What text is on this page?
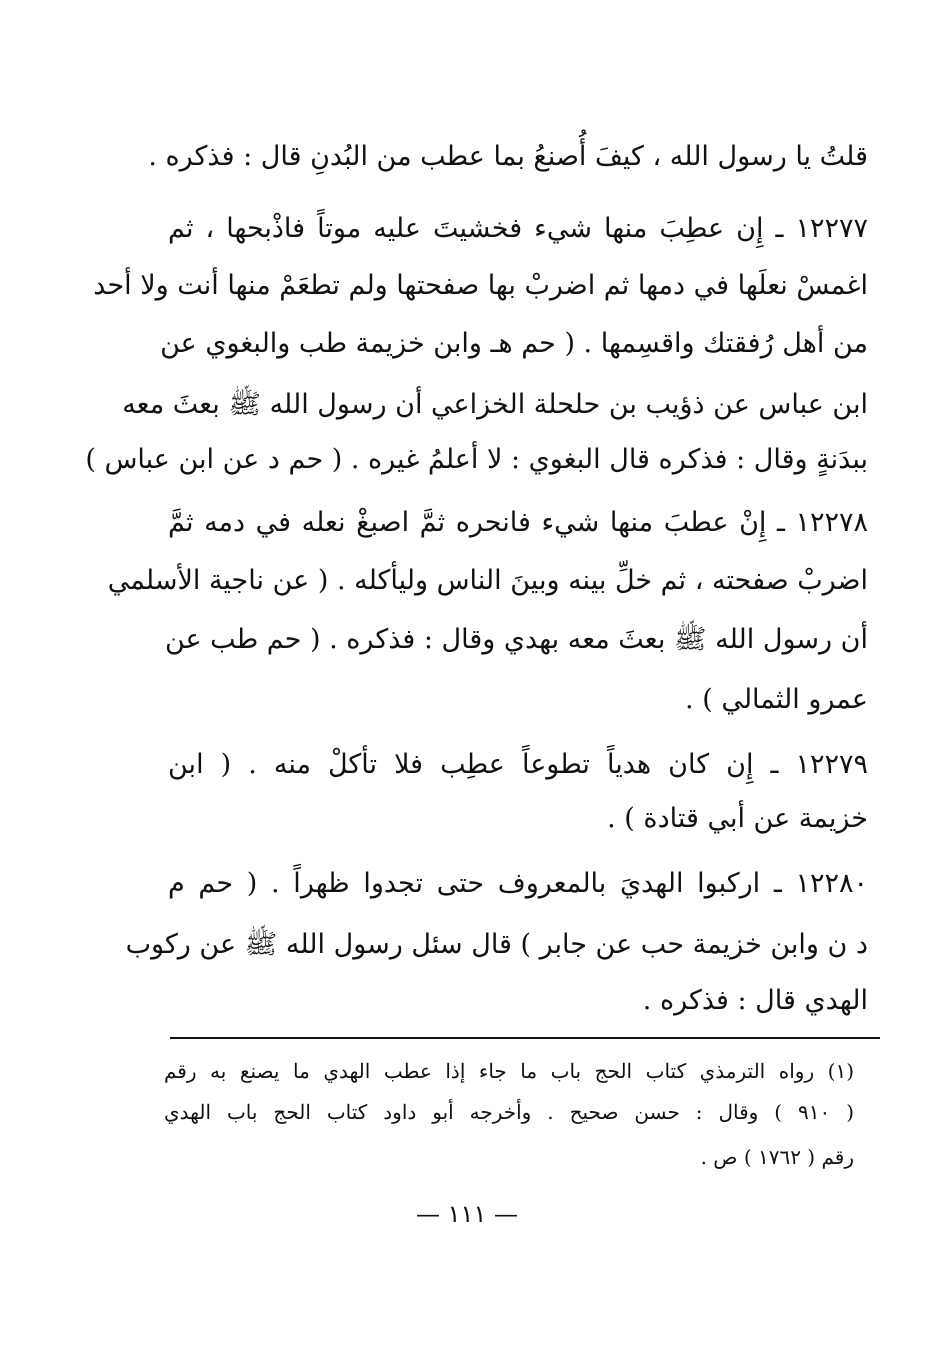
قلتُ يا رسول الله ، كيفَ أُصنعُ بما عطب من البُدنِ قال : فذكره .
١٢٢٧٧ ـ إِن عطِبَ منها شيء فخشيتَ عليه موتاً فاذْبحها ، ثم
اغمسْ نعلَها في دمها ثم اضربْ بها صفحتها ولم تطعَمْ منها أنت ولا أحد
من أهل رُفقتك واقسِمها . ( حم هـ وابن خزيمة طب والبغوي عن
ابن عباس عن ذؤيب بن حلحلة الخزاعي أن رسول الله ﷺ بعثَ معه
ببدَنةٍ وقال : فذكره قال البغوي : لا أعلمُ غيره . ( حم د عن ابن عباس )
١٢٢٧٨ ـ إِنْ عطبَ منها شيء فانحره ثمَّ اصبغْ نعله في دمه ثمَّ
اضربْ صفحته ، ثم خلِّ بينه وبينَ الناس وليأكله . ( عن ناجية الأسلمي
أن رسول الله ﷺ بعثَ معه بهدي وقال : فذكره . ( حم طب عن
عمرو الثمالي ) .
١٢٢٧٩ ـ إِن كان هدياً تطوعاً عطِب فلا تأكلْ منه . ( ابن
خزيمة عن أبي قتادة ) .
١٢٢٨٠ ـ اركبوا الهديَ بالمعروف حتى تجدوا ظهراً . ( حم م
د ن وابن خزيمة حب عن جابر ) قال سئل رسول الله ﷺ عن ركوب
الهدي قال : فذكره .
(١) رواه الترمذي كتاب الحج باب ما جاء إذا عطب الهدي ما يصنع به رقم
( ٩١٠ ) وقال : حسن صحيح . وأخرجه أبو داود كتاب الحج باب الهدي
رقم ( ١٧٦٢ ) ص .
— ١١١ —
